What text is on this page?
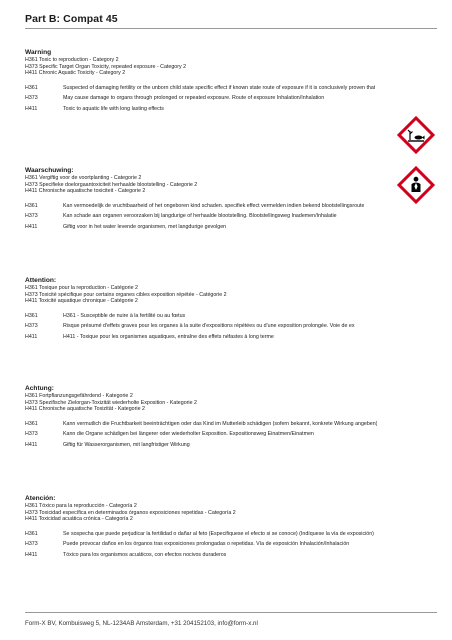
Part B: Compat 45
Warning
H361 Toxic to reproduction - Category 2
H373 Specific Target Organ Toxicity, repeated exposure - Category 2
H411 Chronic Aquatic Toxicity - Category 2
H361	Suspected of damaging fertility or the unborn child state specific effect if known state route of exposure if it is conclusively proven that
H373	May cause damage to organs through prolonged or repeated exposure. Route of exposure Inhalation/Inhalation
H411	Toxic to aquatic life with long lasting effects
Waarschuwing:
H361 Vergiftig voor de voortplanting - Categorie 2
H373 Specifieke doelorgaantoxiciteit herhaalde blootstelling - Categorie 2
H411 Chronische aquatische toxiciteit - Categorie 2
H361	Kan vermoedelijk de vruchtbaarheid of het ongeboren kind schaden. specifiek effect vermelden indien bekend blootstellingsroute
H373	Kan schade aan organen veroorzaken bij langdurige of herhaalde blootstelling. Blootstellingsweg Inademen/Inhalatie
H411	Giftig voor in het water levende organismen, met langdurige gevolgen
Attention:
H361 Toxique pour la reproduction - Catégorie 2
H373 Toxicité spécifique pour certains organes cibles exposition répétée - Catégorie 2
H411 Toxicité aquatique chronique - Catégorie 2
H361	H361 - Susceptible de nuire à la fertilité ou au fœtus
H373	Risque présumé d'effets graves pour les organes à la suite d'expositions répétées ou d'une exposition prolongée. Voie de ex
H411	H411 - Toxique pour les organismes aquatiques, entraîne des effets néfastes à long terme
Achtung:
H361 Fortpflanzungsgefährdend - Kategorie 2
H373 Spezifische Zielorgan-Toxizität wiederholte Exposition - Kategorie 2
H411 Chronische aquatische Toxizität - Kategorie 2
H361	Kann vermutlich die Fruchtbarkeit beeinträchtigen oder das Kind im Mutterleib schädigen (sofern bekannt, konkrete Wirkung angeben)
H373	Kann die Organe schädigen bei längerer oder wiederholter Exposition. Expositionsweg Einatmen/Einatmen
H411	Giftig für Wasserorganismen, mit langfristiger Wirkung
Atención:
H361 Tóxico para la reproducción - Categoría 2
H373 Toxicidad específica en determinados órganos exposiciones repetidas - Categoría 2
H411 Toxicidad acuática crónica - Categoría 2
H361	Se sospecha que puede perjudicar la fertilidad o dañar al feto (Especifiquese el efecto si se conoce) (Indíquese la vía de exposición)
H373	Puede provocar daños en los órganos tras exposiciones prolongadas o repetidas. Vía de exposición Inhalación/Inhalación
H411	Tóxico para los organismos acuáticos, con efectos nocivos duraderos
Form-X BV, Kombuisweg 5, NL-1234AB Amsterdam, +31 204152103, info@form-x.nl
